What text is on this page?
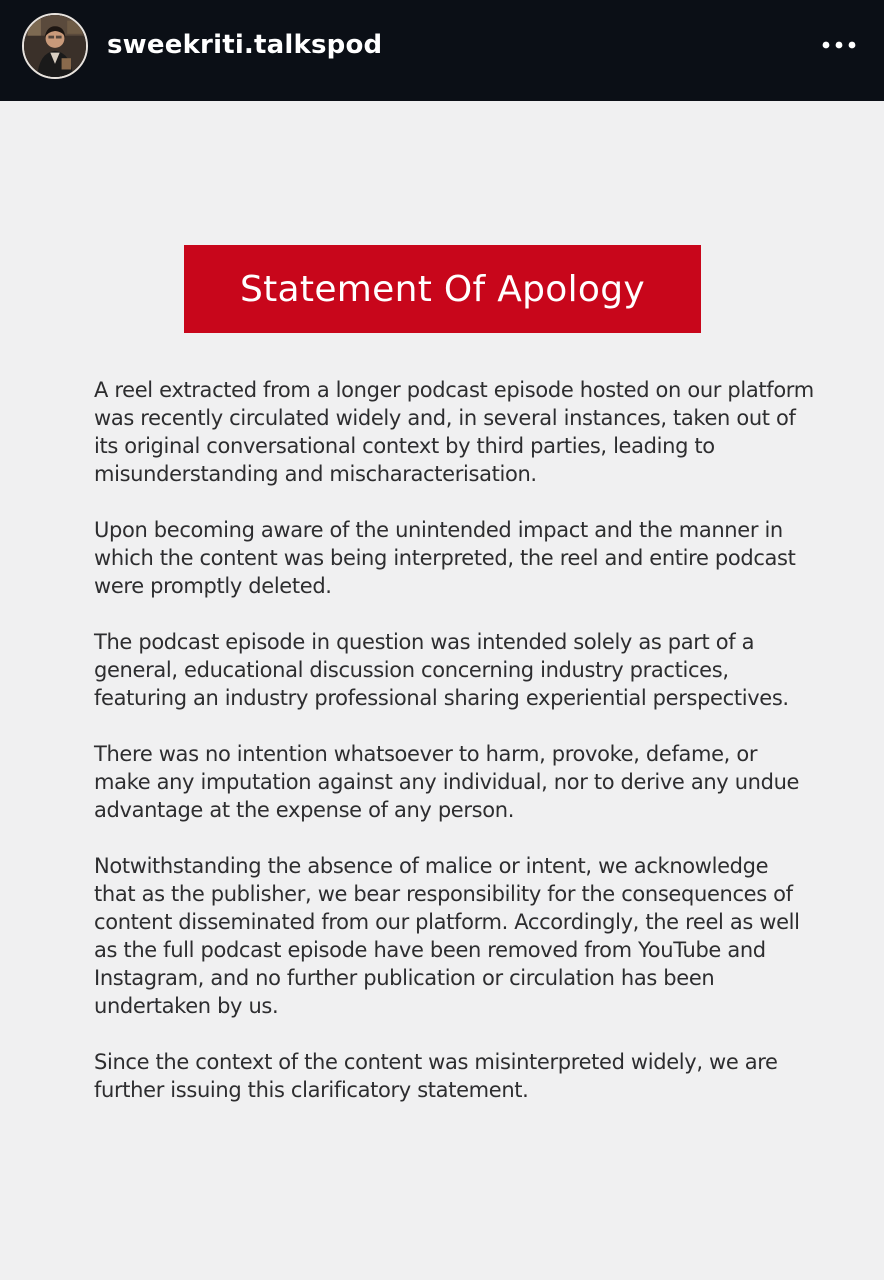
sweekriti.talkspod
Statement Of Apology

A reel extracted from a longer podcast episode hosted on our platform was recently circulated widely and, in several instances, taken out of its original conversational context by third parties, leading to misunderstanding and mischaracterisation.

Upon becoming aware of the unintended impact and the manner in which the content was being interpreted, the reel and entire podcast were promptly deleted.

The podcast episode in question was intended solely as part of a general, educational discussion concerning industry practices, featuring an industry professional sharing experiential perspectives.

There was no intention whatsoever to harm, provoke, defame, or make any imputation against any individual, nor to derive any undue advantage at the expense of any person.

Notwithstanding the absence of malice or intent, we acknowledge that as the publisher, we bear responsibility for the consequences of content disseminated from our platform. Accordingly, the reel as well as the full podcast episode have been removed from YouTube and Instagram, and no further publication or circulation has been undertaken by us.

Since the context of the content was misinterpreted widely, we are further issuing this clarificatory statement.
